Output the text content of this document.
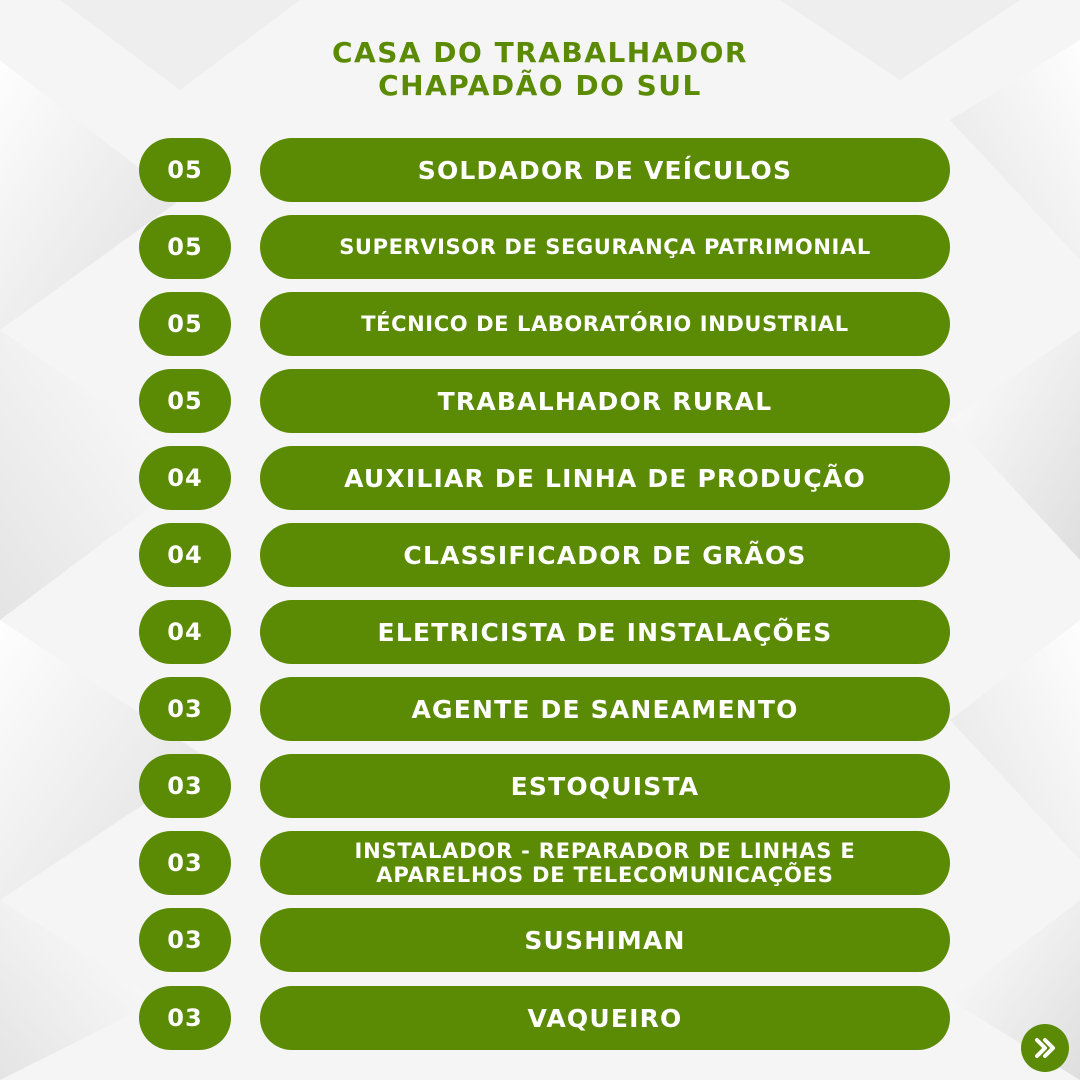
CASA DO TRABALHADOR
CHAPADÃO DO SUL
05	SOLDADOR DE VEÍCULOS
05	SUPERVISOR DE SEGURANÇA PATRIMONIAL
05	TÉCNICO DE LABORATÓRIO INDUSTRIAL
05	TRABALHADOR RURAL
04	AUXILIAR DE LINHA DE PRODUÇÃO
04	CLASSIFICADOR DE GRÃOS
04	ELETRICISTA DE INSTALAÇÕES
03	AGENTE DE SANEAMENTO
03	ESTOQUISTA
03	INSTALADOR - REPARADOR DE LINHAS E APARELHOS DE TELECOMUNICAÇÕES
03	SUSHIMAN
03	VAQUEIRO
